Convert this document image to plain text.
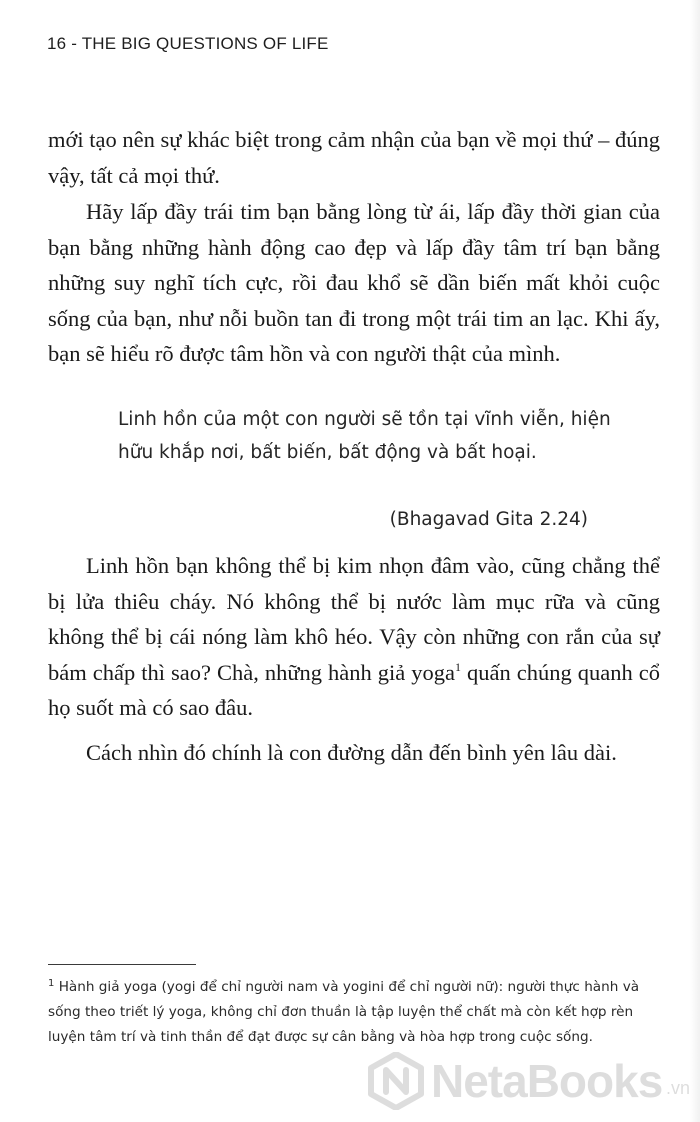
16 - THE BIG QUESTIONS OF LIFE

mới tạo nên sự khác biệt trong cảm nhận của bạn về mọi thứ – đúng vậy, tất cả mọi thứ.

Hãy lấp đầy trái tim bạn bằng lòng từ ái, lấp đầy thời gian của bạn bằng những hành động cao đẹp và lấp đầy tâm trí bạn bằng những suy nghĩ tích cực, rồi đau khổ sẽ dần biến mất khỏi cuộc sống của bạn, như nỗi buồn tan đi trong một trái tim an lạc. Khi ấy, bạn sẽ hiểu rõ được tâm hồn và con người thật của mình.

Linh hồn của một con người sẽ tồn tại vĩnh viễn, hiện hữu khắp nơi, bất biến, bất động và bất hoại.

(Bhagavad Gita 2.24)

Linh hồn bạn không thể bị kim nhọn đâm vào, cũng chẳng thể bị lửa thiêu cháy. Nó không thể bị nước làm mục rữa và cũng không thể bị cái nóng làm khô héo. Vậy còn những con rắn của sự bám chấp thì sao? Chà, những hành giả yoga$^1$ quấn chúng quanh cổ họ suốt mà có sao đâu.

Cách nhìn đó chính là con đường dẫn đến bình yên lâu dài.

$^1$ Hành giả yoga (yogi để chỉ người nam và yogini để chỉ người nữ): người thực hành và sống theo triết lý yoga, không chỉ đơn thuần là tập luyện thể chất mà còn kết hợp rèn luyện tâm trí và tinh thần để đạt được sự cân bằng và hòa hợp trong cuộc sống.

NetaBooks .vn
